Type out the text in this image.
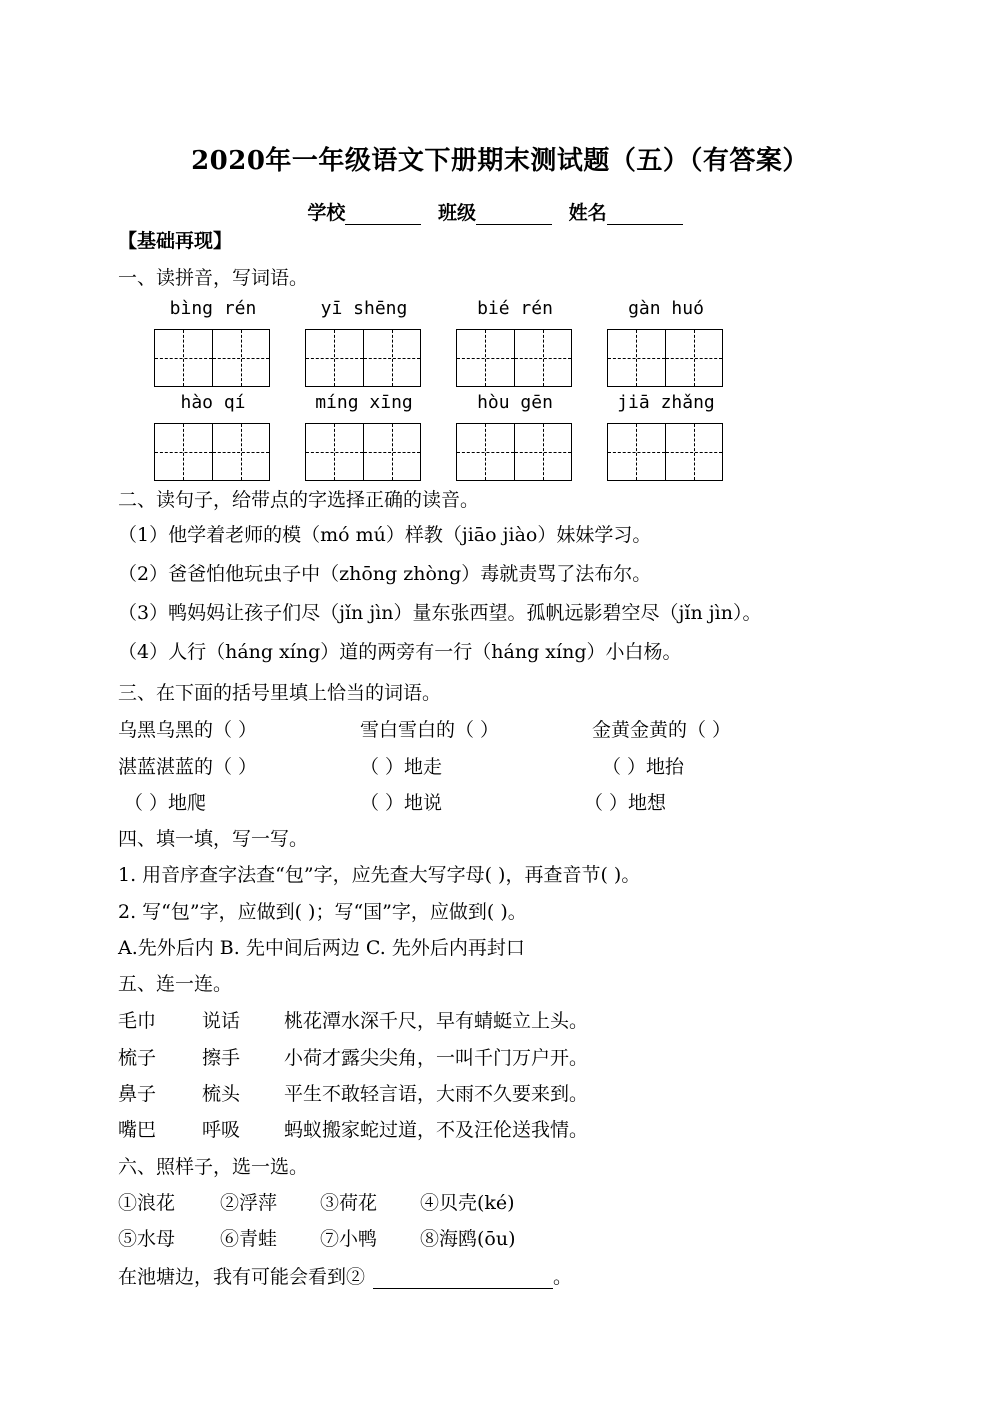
2020年一年级语文下册期末测试题（五）（有答案）
学校	班级	姓名
【基础再现】
一、读拼音，写词语。
bìng rén	yī shēng	bié rén	gàn huó
hào qí	míng xīng	hòu gēn	jiā zhǎng
二、读句子，给带点的字选择正确的读音。
（1）他学着老师的模（mó mú）样教（jiāo jiào）妹妹学习。
（2）爸爸怕他玩虫子中（zhōng zhòng）毒就责骂了法布尔。
（3）鸭妈妈让孩子们尽（jǐn jìn）量东张西望。孤帆远影碧空尽（jǐn jìn）。
（4）人行（háng xíng）道的两旁有一行（háng xíng）小白杨。
三、在下面的括号里填上恰当的词语。
乌黑乌黑的（ ）	雪白雪白的（ ）	金黄金黄的（ ）
湛蓝湛蓝的（ ）	（ ）地走	（ ）地抬
（ ）地爬	（ ）地说	（ ）地想
四、填一填，写一写。
1. 用音序查字法查“包”字，应先查大写字母( )，再查音节( )。
2. 写“包”字，应做到( )；写“国”字，应做到( )。
A.先外后内 B. 先中间后两边 C. 先外后内再封口
五、连一连。
毛巾 说话 桃花潭水深千尺，早有蜻蜓立上头。
梳子 擦手 小荷才露尖尖角，一叫千门万户开。
鼻子 梳头 平生不敢轻言语，大雨不久要来到。
嘴巴 呼吸 蚂蚁搬家蛇过道，不及汪伦送我情。
六、照样子，选一选。
①浪花 ②浮萍 ③荷花 ④贝壳(ké)
⑤水母 ⑥青蛙 ⑦小鸭 ⑧海鸥(ōu)
在池塘边，我有可能会看到②	。
